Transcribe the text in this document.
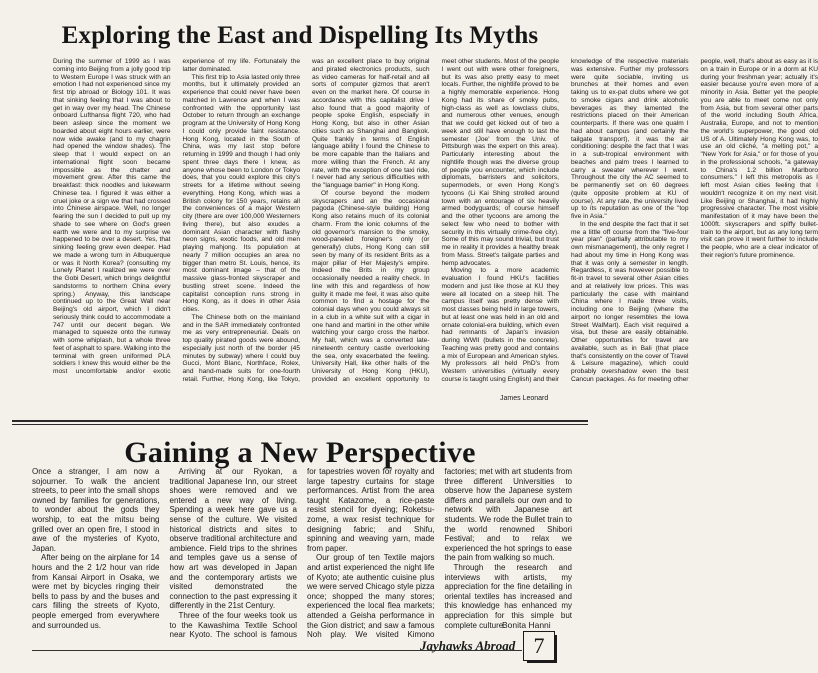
Exploring the East and Dispelling Its Myths

During the summer of 1999 as I was coming into Beijing from a jolly good trip to Western Europe I was struck with an emotion I had not experienced since my first trip abroad or Biology 101. It was that sinking feeling that I was about to get in way over my head. The Chinese onboard Lufthansa flight 720, who had been asleep since the moment we boarded about eight hours earlier, were now wide awake (and to my chagrin had opened the window shades). The sleep that I would expect on an international flight soon became impossible as the chatter and movement grew. After this came the breakfast: thick noodles and lukewarm Chinese tea. I figured it was either a cruel joke or a sign we that had crossed into Chinese airspace. Well, no longer fearing the sun I decided to pull up my shade to see where on God's green earth we were and to my surprise we happened to be over a desert. Yes, that sinking feeling grew even deeper. Had we made a wrong turn in Albuquerque or was it North Korea? (consulting my Lonely Planet I realized we were over the Gobi Desert, which brings delightful sandstorms to northern China every spring.) Anyway, this landscape continued up to the Great Wall near Beijing's old airport, which I didn't seriously think could to accommodate a 747 until our decent began. We managed to squeeze onto the runway with some whiplash, but a whole three feet of asphalt to spare. Walking into the terminal with green uniformed PLA soldiers I knew this would either be the most uncomfortable and/or exotic experience of my life. Fortunately the latter dominated.

This first trip to Asia lasted only three months, but it ultimately provided an experience that could never have been matched in Lawrence and when I was confronted with the opportunity last October to return through an exchange program at the University of Hong Kong I could only provide faint resistance. Hong Kong, located in the South of China, was my last stop before returning in 1999 and though I had only spent three days there I knew, as anyone whose been to London or Tokyo does, that you could explore this city's streets for a lifetime without seeing everything. Hong Kong, which was a British colony for 150 years, retains all the conveniences of a major Western city (there are over 100,000 Westerners living there), but also exudes a dominant Asian character with flashy neon signs, exotic foods, and old men playing mahjong. Its population at nearly 7 million occupies an area no bigger than metro St. Louis, hence, its most dominant image – that of the massive glass-fronted skyscraper and bustling street scene. Indeed the capitalist conception runs strong in Hong Kong, as it does in other Asia cities.

The Chinese both on the mainland and in the SAR immediately confronted me as very entrepreneurial. Deals on top quality pirated goods were abound, especially just north of the border (45 minutes by subway) where I could buy Gucci, Mont Blanc, Northface, Rolex, and hand-made suits for one-fourth retail. Further, Hong Kong, like Tokyo, was an excellent place to buy original and pirated electronics products, such as video cameras for half-retail and all sorts of computer gizmos that aren't even on the market here. Of course in accordance with this capitalist drive I also found that a good majority of people spoke English, especially in Hong Kong, but also in other Asian cities such as Shanghai and Bangkok. Quite frankly in terms of English language ability I found the Chinese to be more capable than the Italians and more willing than the French. At any rate, with the exception of one taxi ride, I never had any serious difficulties with the "language barrier" in Hong Kong.

Of course beyond the modern skyscrapers and an the occasional pagoda (Chinese-style building) Hong Kong also retains much of its colonial charm. From the ionic columns of the old governor's mansion to the smoky, wood-paneled foreigner's only (or generally) clubs, Hong Kong can still seen by many of its resident Brits as a major pillar of Her Majesty's empire. Indeed the Brits in my group occasionally needed a reality check. In line with this and regardless of how guilty it made me feel, it was also quite common to find a hostage for the colonial days when you could always sit in a club in a white suit with a cigar in one hand and martini in the other while watching your cargo cross the harbor. My hall, which was a converted late-nineteenth century castle overlooking the sea, only exacerbated the feeling. University Hall, like other halls of the University of Hong Kong (HKU), provided an excellent opportunity to meet other students. Most of the people I went out with were other foreigners, but its was also pretty easy to meet locals. Further, the nightlife proved to be a highly memorable experience. Hong Kong had its share of smoky pubs, high-class as well as lowclass clubs, and numerous other venues, enough that we could get kicked out of two a week and still have enough to last the semester (Joe' from the Univ. of Pittsburgh was the expert on this area). Particularly interesting about the nightlife though was the diverse group of people you encounter, which include diplomats, barristers and solicitors, supermodels, or even Hong Kong's tycoons (Li Kai Shing strolled around town with an entourage of six heavily armed bodyguards; of course himself and the other tycoons are among the select few who need to bother with security in this virtually crime-free city). Some of this may sound trivial, but trust me in reality it provides a healthy break from Mass. Street's tailgate parties and hemp advocates.

Moving to a more academic evaluation I found HKU's facilities modern and just like those at KU they were all located on a steep hill. The campus itself was pretty dense with most classes being held in large towers, but at least one was held in an old and ornate colonial-era building, which even had remnants of Japan's invasion during WWII (bullets in the concrete). Teaching was pretty good and contains a mix of European and American styles. My professors all held PhD's from Western universities (virtually every course is taught using English) and their knowledge of the respective materials was extensive. Further my professors were quite sociable, inviting us brunches at their homes and even taking us to ex-pat clubs where we got to smoke cigars and drink alcoholic beverages as they lamented the restrictions placed on their American counterparts. If there was one qualm I had about campus (and certainly the tailgate transport), it was the air conditioning: despite the fact that I was in a sub-tropical environment with beaches and palm trees I learned to carry a sweater wherever I went. Throughout the city the AC seemed to be permanently set on 60 degrees (quite opposite problem at KU of course). At any rate, the university lived up to its reputation as one of the "top five in Asia."

In the end despite the fact that it set me a little off course from the "five-four year plan" (partially attributable to my own mismanagement), the only regret I had about my time in Hong Kong was that it was only a semester in length. Regardless, it was however possible to fit-in travel to several other Asian cities and at relatively low prices. This was particularly the case with mainland China where I made three visits, including one to Beijing (where the airport no longer resembles the Iowa Street WalMart). Each visit required a visa, but these are easily obtainable. Other opportunities for travel are available, such as in Bali (that place that's consistently on the cover of Travel & Leisure magazine), which could probably overshadow even the best Cancun packages. As for meeting other people, well, that's about as easy as it is on a train in Europe or in a dorm at KU during your freshman year; actually it's easier because you're even more of a minority in Asia. Better yet the people you are able to meet come not only from Asia, but from several other parts of the world including South Africa, Australia, Europe, and not to mention the world's superpower, the good old US of A. Ultimately Hong Kong was, to use an old cliché, "a melting pot," a "New York for Asia," or for those of you in the professional schools, "a gateway to China's 1.2 billion Marlboro consumers." I left this metropolis as I left most Asian cities feeling that I wouldn't recognize it on my next visit. Like Beijing or Shanghai, it had highly progressive character. The most visible manifestation of it may have been the 1000ft. skyscrapers and spiffy bullet-train to the airport, but as any long term visit can prove it went further to include the people, who are a clear indicator of their region's future prominence.

James Leonard
Gaining a New Perspective

Once a stranger, I am now a sojourner. To walk the ancient streets, to peer into the small shops owned by families for generations, to wonder about the gods they worship, to eat the mitsu being grilled over an open fire, I stood in awe of the mysteries of Kyoto, Japan.

After being on the airplane for 14 hours and the 2 1/2 hour van ride from Kansai Airport in Osaka, we were met by bicycles ringing their bells to pass by and the buses and cars filling the streets of Kyoto, people emerged from everywhere and surrounded us.

Arriving at our Ryokan, a traditional Japanese Inn, our street shoes were removed and we entered a new way of living. Spending a week here gave us a sense of the culture. We visited historical districts and sites to observe traditional architecture and ambience. Field trips to the shrines and temples gave us a sense of how art was developed in Japan and the contemporary artists we visited demonstrated the connection to the past expressing it differently in the 21st Century.

Three of the four weeks took us to the Kawashima Textile School near Kyoto. The school is famous for tapestries woven for royalty and large tapestry curtains for stage performances. Artist from the area taught Katazome, a rice-paste resist stencil for dyeing; Roketsu-zome, a wax resist technique for designing fabric; and Shifu, spinning and weaving yarn, made from paper.

Our group of ten Textile majors and artist experienced the night life of Kyoto; ate authentic cuisine plus we were served Chicago style pizza once; shopped the many stores; experienced the local flea markets; attended a Geisha performance in the Gion district; and saw a famous Noh play. We visited Kimono factories; met with art students from three different Universities to observe how the Japanese system differs and parallels our own and to network with Japanese art students. We rode the Bullet train to the world renowned Shibori Festival; and to relax we experienced the hot springs to ease the pain from walking so much.

Through the research and interviews with artists, my appreciation for the fine detailing in oriental textiles has increased and this knowledge has enhanced my appreciation for this simple but complete culture.

Bonita Hanni
Jayhawks Abroad 7
